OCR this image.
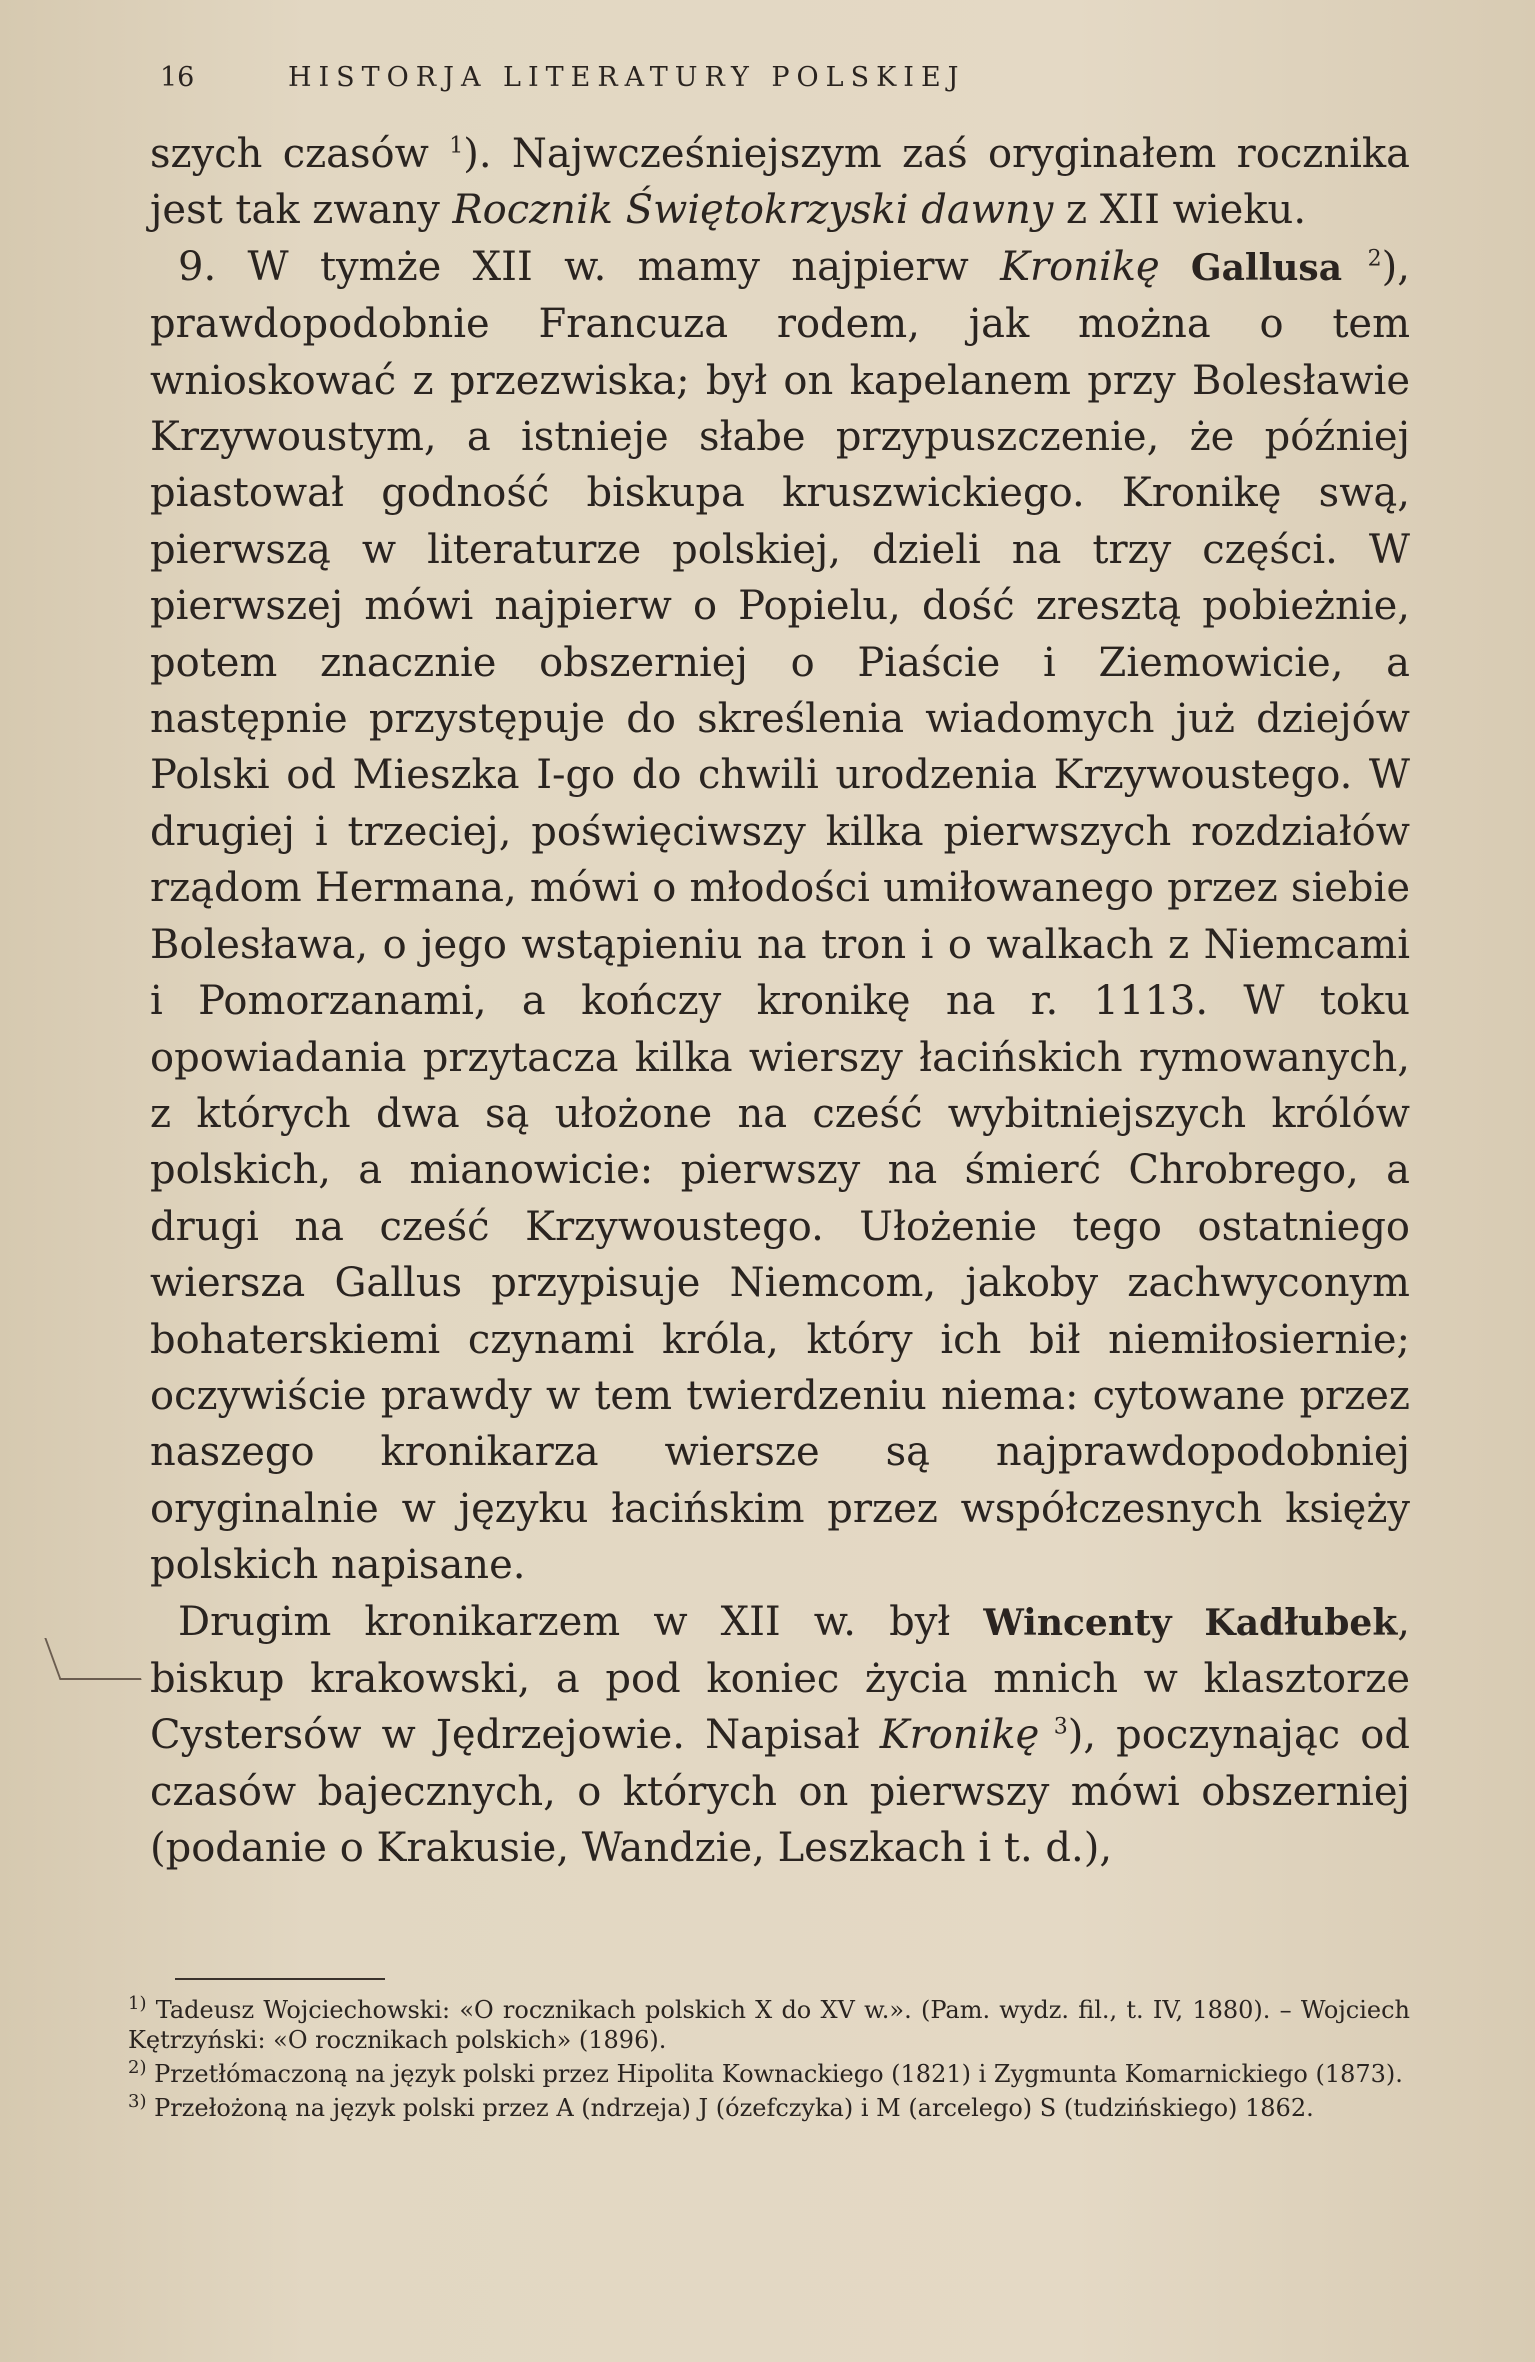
16	HISTORJA LITERATURY POLSKIEJ

szych czasów $^1$). Najwcześniejszym zaś oryginałem rocznika jest tak zwany Rocznik Świętokrzyski dawny z XII wieku.

9. W tymże XII w. mamy najpierw Kronikę Gallusa $^2$), prawdopodobnie Francuza rodem, jak można o tem wnioskować z przezwiska; był on kapelanem przy Bolesławie Krzywoustym, a istnieje słabe przypuszczenie, że później piastował godność biskupa kruszwickiego. Kronikę swą, pierwszą w literaturze polskiej, dzieli na trzy części. W pierwszej mówi najpierw o Popielu, dość zresztą pobieżnie, potem znacznie obszerniej o Piaście i Ziemowicie, a następnie przystępuje do skreślenia wiadomych już dziejów Polski od Mieszka I-go do chwili urodzenia Krzywoustego. W drugiej i trzeciej, poświęciwszy kilka pierwszych rozdziałów rządom Hermana, mówi o młodości umiłowanego przez siebie Bolesława, o jego wstąpieniu na tron i o walkach z Niemcami i Pomorzanami, a kończy kronikę na r. 1113. W toku opowiadania przytacza kilka wierszy łacińskich rymowanych, z których dwa są ułożone na cześć wybitniejszych królów polskich, a mianowicie: pierwszy na śmierć Chrobrego, a drugi na cześć Krzywoustego. Ułożenie tego ostatniego wiersza Gallus przypisuje Niemcom, jakoby zachwyconym bohaterskiemi czynami króla, który ich bił niemiłosiernie; oczywiście prawdy w tem twierdzeniu niema: cytowane przez naszego kronikarza wiersze są najprawdopodobniej oryginalnie w języku łacińskim przez współczesnych księży polskich napisane.

Drugim kronikarzem w XII w. był Wincenty Kadłubek, biskup krakowski, a pod koniec życia mnich w klasztorze Cystersów w Jędrzejowie. Napisał Kronikę $^3$), poczynając od czasów bajecznych, o których on pierwszy mówi obszerniej (podanie o Krakusie, Wandzie, Leszkach i t. d.),

$^{1)}$ Tadeusz Wojciechowski: «O rocznikach polskich X do XV w.». (Pam. wydz. fil., t. IV, 1880). – Wojciech Kętrzyński: «O rocznikach polskich» (1896).

$^{2)}$ Przetłómaczoną na język polski przez Hipolita Kownackiego (1821) i Zygmunta Komarnickiego (1873).

$^{3)}$ Przełożoną na język polski przez A (ndrzeja) J (ózefczyka) i M (arcelego) S (tudzińskiego) 1862.
